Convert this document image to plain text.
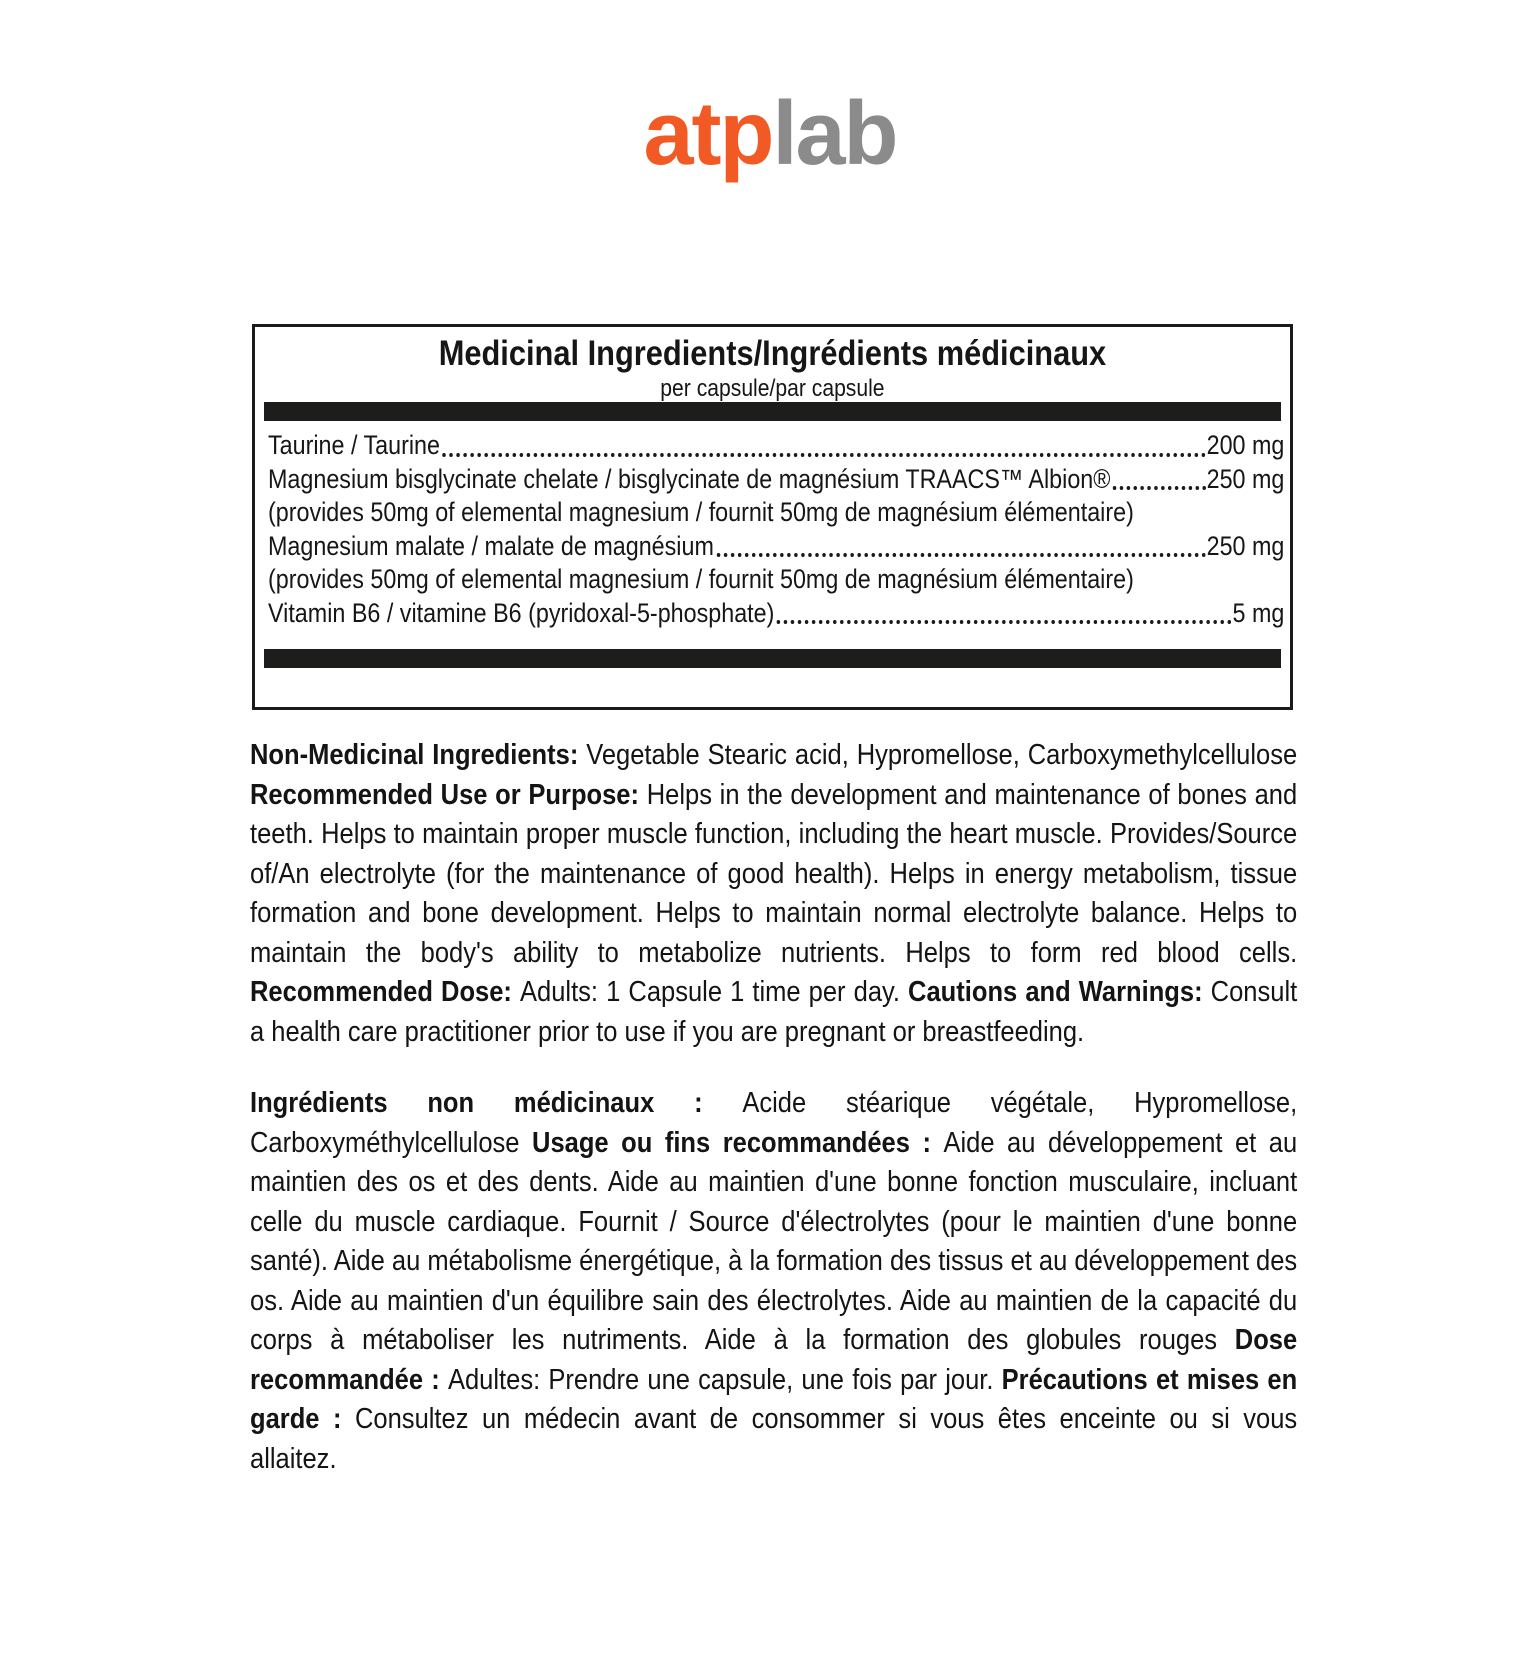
atplab
Medicinal Ingredients/Ingrédients médicinaux
per capsule/par capsule
Taurine / Taurine	200 mg
Magnesium bisglycinate chelate / bisglycinate de magnésium TRAACS™ Albion®	250 mg
(provides 50mg of elemental magnesium / fournit 50mg de magnésium élémentaire)
Magnesium malate / malate de magnésium	250 mg
(provides 50mg of elemental magnesium / fournit 50mg de magnésium élémentaire)
Vitamin B6 / vitamine B6 (pyridoxal-5-phosphate)	5 mg

Non-Medicinal Ingredients: Vegetable Stearic acid, Hypromellose, Carboxymethylcellulose Recommended Use or Purpose: Helps in the development and maintenance of bones and teeth. Helps to maintain proper muscle function, including the heart muscle. Provides/Source of/An electrolyte (for the maintenance of good health). Helps in energy metabolism, tissue formation and bone development. Helps to maintain normal electrolyte balance. Helps to maintain the body's ability to metabolize nutrients. Helps to form red blood cells. Recommended Dose: Adults: 1 Capsule 1 time per day. Cautions and Warnings: Consult a health care practitioner prior to use if you are pregnant or breastfeeding.

Ingrédients non médicinaux : Acide stéarique végétale, Hypromellose, Carboxyméthylcellulose Usage ou fins recommandées : Aide au développement et au maintien des os et des dents. Aide au maintien d'une bonne fonction musculaire, incluant celle du muscle cardiaque. Fournit / Source d'électrolytes (pour le maintien d'une bonne santé). Aide au métabolisme énergétique, à la formation des tissus et au développement des os. Aide au maintien d'un équilibre sain des électrolytes. Aide au maintien de la capacité du corps à métaboliser les nutriments. Aide à la formation des globules rouges Dose recommandée : Adultes: Prendre une capsule, une fois par jour. Précautions et mises en garde : Consultez un médecin avant de consommer si vous êtes enceinte ou si vous allaitez.
